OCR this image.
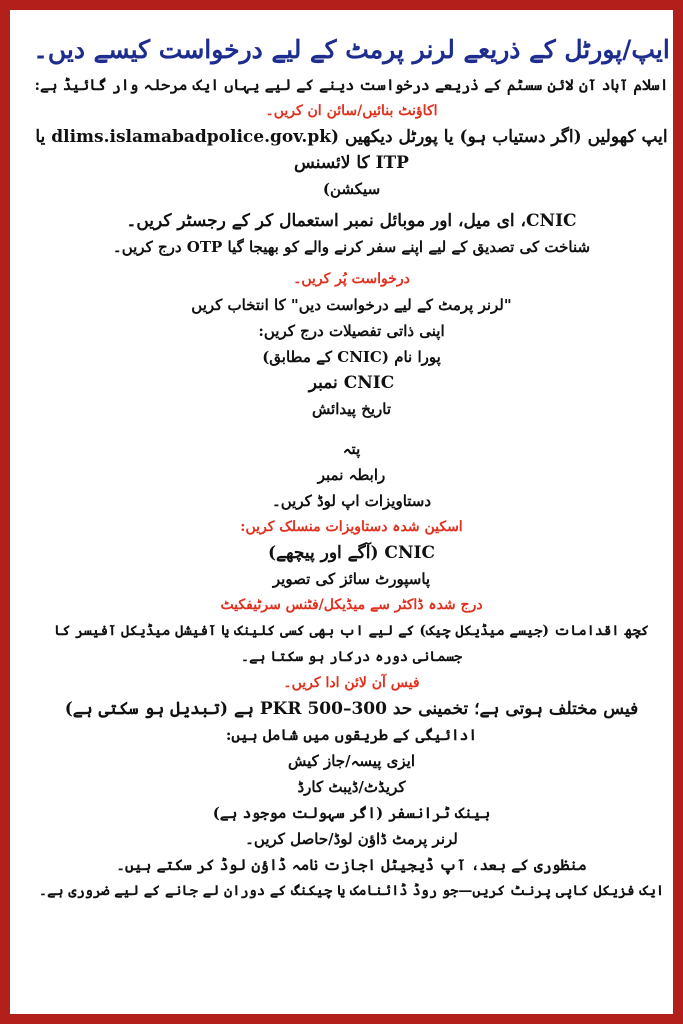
ایپ/پورٹل کے ذریعے لرنر پرمٹ کے لیے درخواست کیسے دیں۔
اسلام آباد آن لائن سسٹم کے ذریعے درخواست دینے کے لیے یہاں ایک مرحلہ وار گائیڈ ہے:
اکاؤنٹ بنائیں/سائن ان کریں۔
ایپ کھولیں (اگر دستیاب ہو) یا پورٹل دیکھیں (dlims.islamabadpolice.gov.pk یا ITP کا لائسنس
سیکشن)
CNIC، ای میل، اور موبائل نمبر استعمال کر کے رجسٹر کریں۔
شناخت کی تصدیق کے لیے اپنے سفر کرنے والے کو بھیجا گیا OTP درج کریں۔
درخواست پُر کریں۔
"لرنر پرمٹ کے لیے درخواست دیں" کا انتخاب کریں
اپنی ذاتی تفصیلات درج کریں:
پورا نام (CNIC کے مطابق)
CNIC نمبر
تاریخ پیدائش
پتہ
رابطہ نمبر
دستاویزات اپ لوڈ کریں۔
اسکین شدہ دستاویزات منسلک کریں:
CNIC (آگے اور پیچھے)
پاسپورٹ سائز کی تصویر
درج شدہ ڈاکٹر سے میڈیکل/فٹنس سرٹیفکیٹ
کچھ اقدامات (جیسے میڈیکل چیک) کے لیے اب بھی کسی کلینک یا آفیشل میڈیکل آفیسر کا جسمانی دورہ درکار ہو سکتا ہے۔
فیس آن لائن ادا کریں۔
فیس مختلف ہوتی ہے؛ تخمینی حد 300–500 PKR ہے (تبدیل ہو سکتی ہے)
ادائیگی کے طریقوں میں شامل ہیں:
ایزی پیسہ/جاز کیش
کریڈٹ/ڈیبٹ کارڈ
بینک ٹرانسفر (اگر سہولت موجود ہے)
لرنر پرمٹ ڈاؤن لوڈ/حاصل کریں۔
منظوری کے بعد، آپ ڈیجیٹل اجازت نامہ ڈاؤن لوڈ کر سکتے ہیں۔
ایک فزیکل کاپی پرنٹ کریں—جو روڈ ڈائنامک یا چیکنگ کے دوران لے جانے کے لیے ضروری ہے۔
